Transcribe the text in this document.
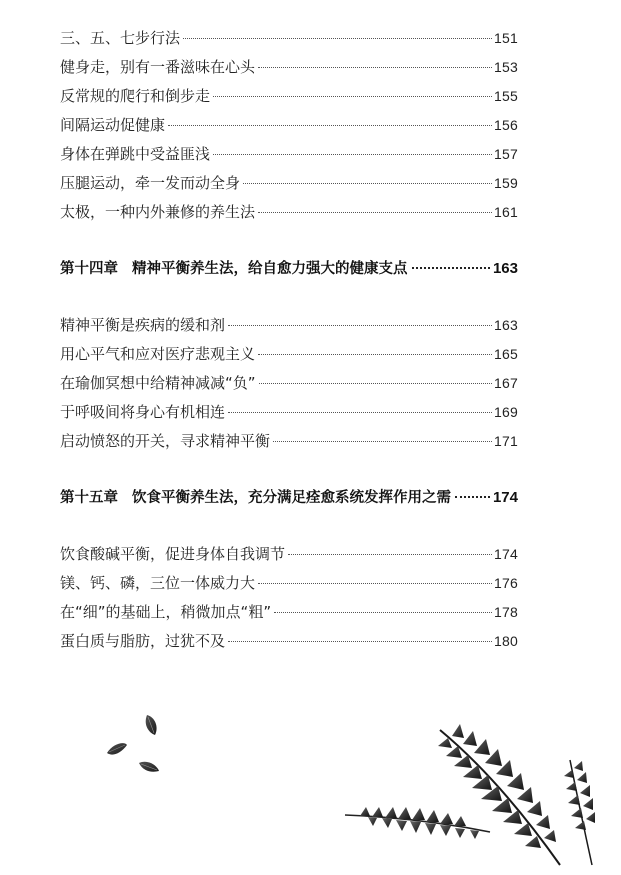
三、五、七步行法	151
健身走，别有一番滋味在心头	153
反常规的爬行和倒步走	155
间隔运动促健康	156
身体在弹跳中受益匪浅	157
压腿运动，牵一发而动全身	159
太极，一种内外兼修的养生法	161
第十四章 精神平衡养生法，给自愈力强大的健康支点	163
精神平衡是疾病的缓和剂	163
用心平气和应对医疗悲观主义	165
在瑜伽冥想中给精神减减“负”	167
于呼吸间将身心有机相连	169
启动愤怒的开关，寻求精神平衡	171
第十五章 饮食平衡养生法，充分满足痊愈系统发挥作用之需	174
饮食酸碱平衡，促进身体自我调节	174
镁、钙、磷，三位一体威力大	176
在“细”的基础上，稍微加点“粗”	178
蛋白质与脂肪，过犹不及	180
